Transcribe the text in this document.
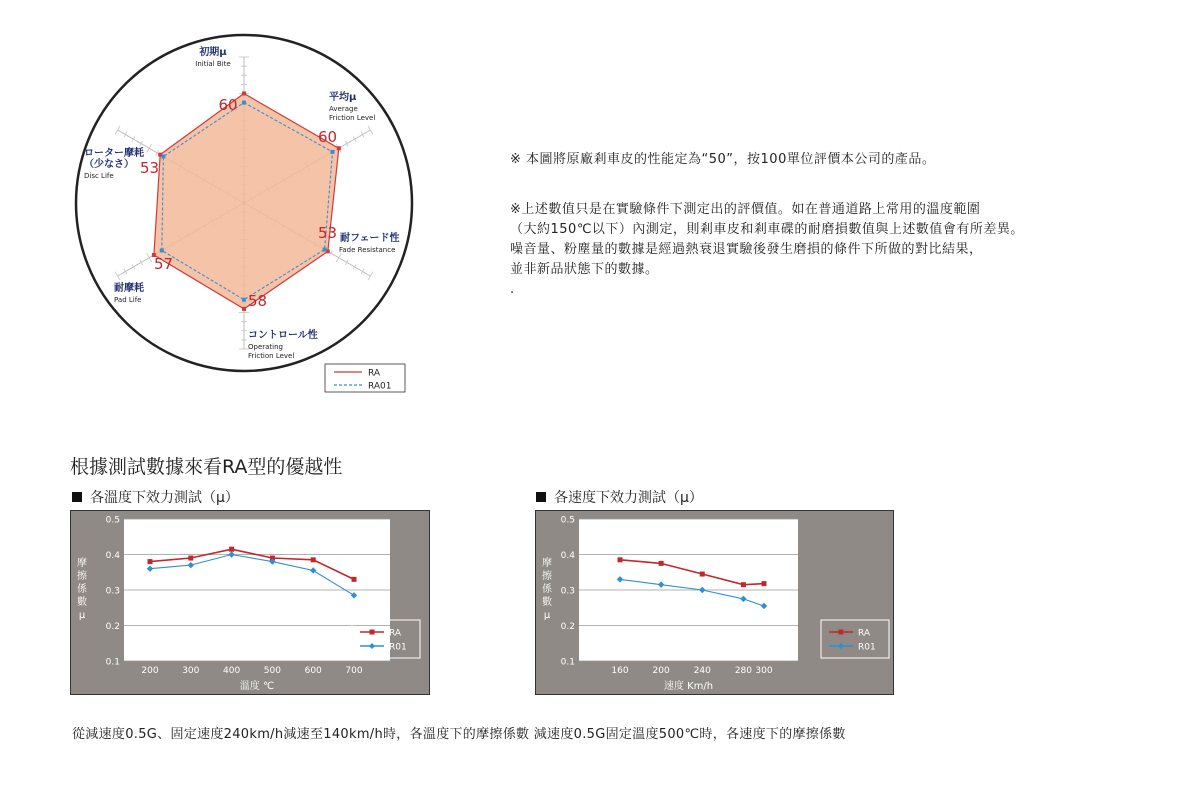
60
60
53
58
57
53
初期μ
Initial Bite
平均μ
Average
Friction Level
耐フェード性
Fade Resistance
コントロール性
Operating
Friction Level
耐摩耗
Pad Life
ローター摩耗
（少なさ）
Disc Life
RA
RA01
※ 本圖將原廠剎車皮的性能定為“50”，按100單位評價本公司的產品。
※上述數值只是在實驗條件下測定出的評價值。如在普通道路上常用的溫度範圍
（大約150℃以下）內測定，則剎車皮和剎車碟的耐磨損數值與上述數值會有所差異。
噪音量、粉塵量的數據是經過熱衰退實驗後發生磨損的條件下所做的對比結果，
並非新品狀態下的數據。
.
根據測試數據來看RA型的優越性
各溫度下效力測試（μ）	各速度下效力測試（μ）
0.1
0.2
0.3
0.4
0.5
200	300	400	500	600	700
溫度 ℃
摩
擦
係
數
μ
RA
R01
0.1
0.2
0.3
0.4
0.5
160	200	240	280 300
速度 Km/h
摩
擦
係
數
μ
RA
R01
從減速度0.5G、固定速度240km/h減速至140km/h時，各溫度下的摩擦係數 減速度0.5G固定溫度500℃時，各速度下的摩擦係數
